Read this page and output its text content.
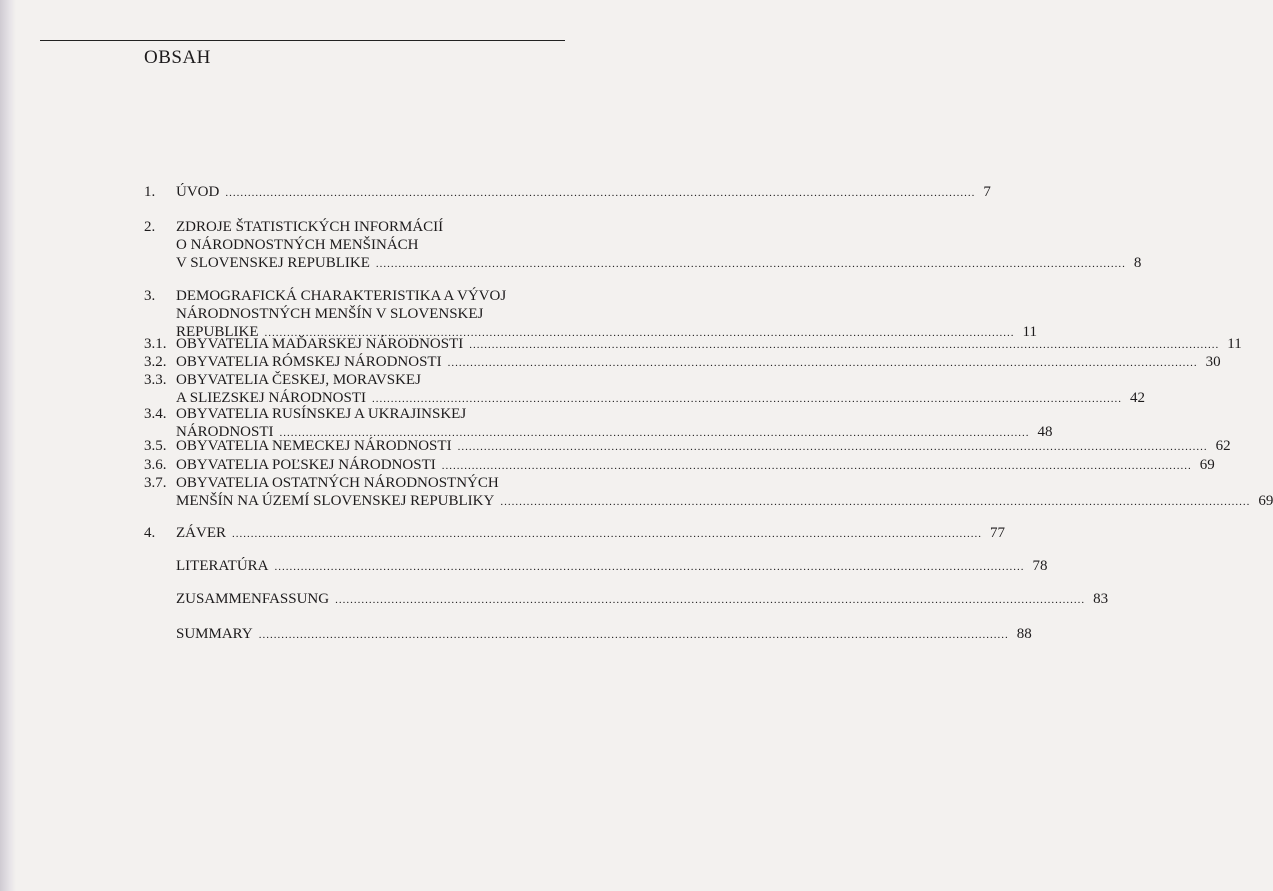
OBSAH
1. ÚVOD ........................................................................................................................................................................................................ 7
2. ZDROJE ŠTATISTICKÝCH INFORMÁCIÍ
O NÁRODNOSTNÝCH MENŠINÁCH
V SLOVENSKEJ REPUBLIKE ........................................................................................................................................................................................................ 8
3. DEMOGRAFICKÁ CHARAKTERISTIKA A VÝVOJ
NÁRODNOSTNÝCH MENŠÍN V SLOVENSKEJ
REPUBLIKE ........................................................................................................................................................................................................ 11
3.1. OBYVATELIA MAĎARSKEJ NÁRODNOSTI ........................................................................................................................................................................................................ 11
3.2. OBYVATELIA RÓMSKEJ NÁRODNOSTI ........................................................................................................................................................................................................ 30
3.3. OBYVATELIA ČESKEJ, MORAVSKEJ
A SLIEZSKEJ NÁRODNOSTI ........................................................................................................................................................................................................ 42
3.4. OBYVATELIA RUSÍNSKEJ A UKRAJINSKEJ
NÁRODNOSTI ........................................................................................................................................................................................................ 48
3.5. OBYVATELIA NEMECKEJ NÁRODNOSTI ........................................................................................................................................................................................................ 62
3.6. OBYVATELIA POĽSKEJ NÁRODNOSTI ........................................................................................................................................................................................................ 69
3.7. OBYVATELIA OSTATNÝCH NÁRODNOSTNÝCH
MENŠÍN NA ÚZEMÍ SLOVENSKEJ REPUBLIKY ........................................................................................................................................................................................................ 69
4. ZÁVER ........................................................................................................................................................................................................ 77
LITERATÚRA ........................................................................................................................................................................................................ 78
ZUSAMMENFASSUNG ........................................................................................................................................................................................................ 83
SUMMARY ........................................................................................................................................................................................................ 88
